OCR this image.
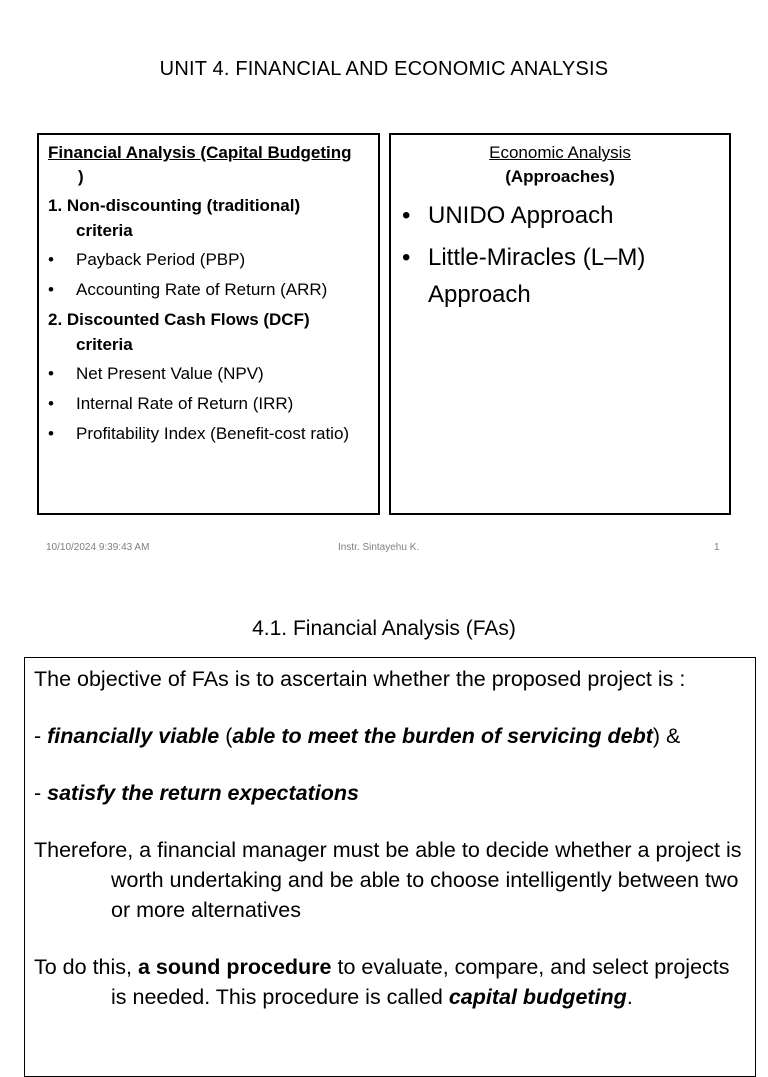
UNIT 4. FINANCIAL AND ECONOMIC ANALYSIS
Financial Analysis (Capital Budgeting
)
1. Non-discounting (traditional)
criteria
• Payback Period (PBP)
• Accounting Rate of Return (ARR)
2. Discounted Cash Flows (DCF)
criteria
• Net Present Value (NPV)
• Internal Rate of Return (IRR)
• Profitability Index (Benefit-cost ratio)
Economic Analysis
(Approaches)
• UNIDO Approach
• Little-Miracles (L–M) Approach
10/10/2024 9:39:43 AM	Instr. Sintayehu K.	1
4.1. Financial Analysis (FAs)

The objective of FAs is to ascertain whether the proposed project is :

- financially viable (able to meet the burden of servicing debt) &

- satisfy the return expectations

Therefore, a financial manager must be able to decide whether a project is worth undertaking and be able to choose intelligently between two or more alternatives

To do this, a sound procedure to evaluate, compare, and select projects is needed. This procedure is called capital budgeting.
